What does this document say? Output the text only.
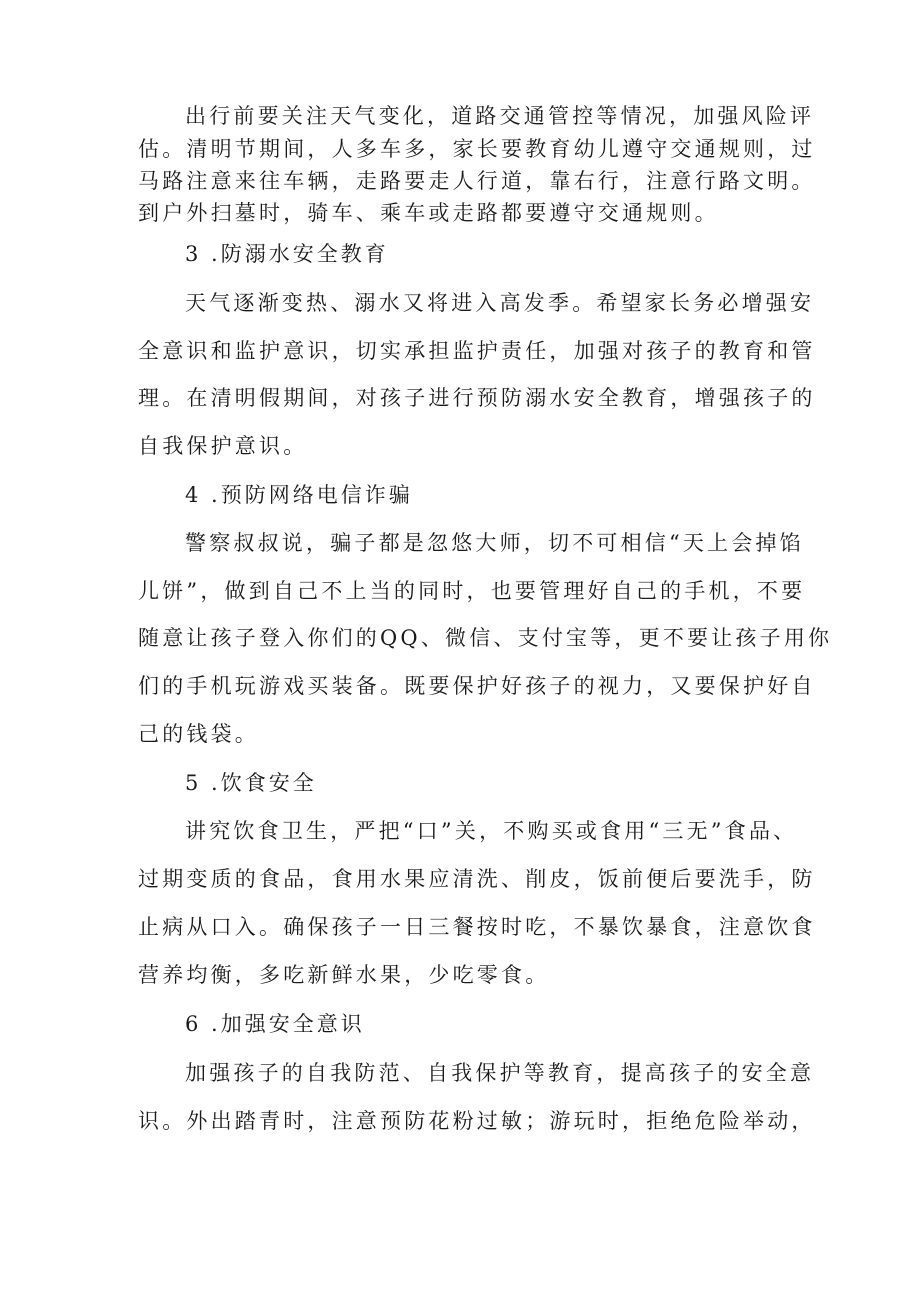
出行前要关注天气变化，道路交通管控等情况，加强风险评
估。清明节期间，人多车多，家长要教育幼儿遵守交通规则，过
马路注意来往车辆，走路要走人行道，靠右行，注意行路文明。
到户外扫墓时，骑车、乘车或走路都要遵守交通规则。
3 .防溺水安全教育
天气逐渐变热、溺水又将进入高发季。希望家长务必增强安
全意识和监护意识，切实承担监护责任，加强对孩子的教育和管
理。在清明假期间，对孩子进行预防溺水安全教育，增强孩子的
自我保护意识。
4 .预防网络电信诈骗
警察叔叔说，骗子都是忽悠大师，切不可相信“天上会掉馅
儿饼”，做到自己不上当的同时，也要管理好自己的手机，不要
随意让孩子登入你们的QQ、微信、支付宝等，更不要让孩子用你
们的手机玩游戏买装备。既要保护好孩子的视力，又要保护好自
己的钱袋。
5 .饮食安全
讲究饮食卫生，严把“口”关，不购买或食用“三无”食品、
过期变质的食品，食用水果应清洗、削皮，饭前便后要洗手，防
止病从口入。确保孩子一日三餐按时吃，不暴饮暴食，注意饮食
营养均衡，多吃新鲜水果，少吃零食。
6 .加强安全意识
加强孩子的自我防范、自我保护等教育，提高孩子的安全意
识。外出踏青时，注意预防花粉过敏；游玩时，拒绝危险举动，
